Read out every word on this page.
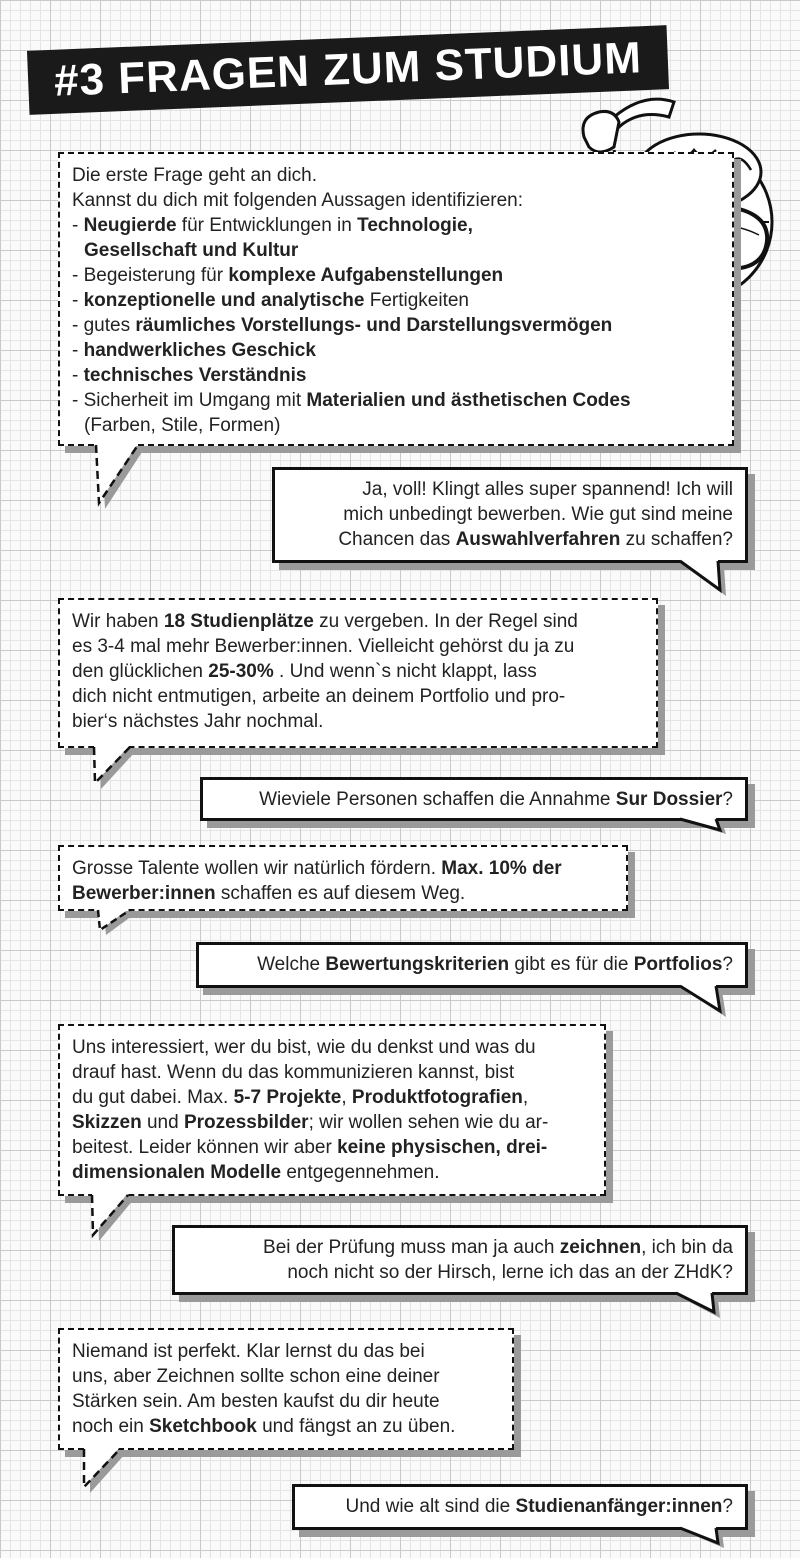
#3 FRAGEN ZUM STUDIUM
Die erste Frage geht an dich.
Kannst du dich mit folgenden Aussagen identifizieren:
- Neugierde für Entwicklungen in Technologie,
Gesellschaft und Kultur
- Begeisterung für komplexe Aufgabenstellungen
- konzeptionelle und analytische Fertigkeiten
- gutes räumliches Vorstellungs- und Darstellungsvermögen
- handwerkliches Geschick
- technisches Verständnis
- Sicherheit im Umgang mit Materialien und ästhetischen Codes
(Farben, Stile, Formen)
Ja, voll! Klingt alles super spannend! Ich will
mich unbedingt bewerben. Wie gut sind meine
Chancen das Auswahlverfahren zu schaffen?
Wir haben 18 Studienplätze zu vergeben. In der Regel sind
es 3-4 mal mehr Bewerber:innen. Vielleicht gehörst du ja zu
den glücklichen 25-30% . Und wenn`s nicht klappt, lass
dich nicht entmutigen, arbeite an deinem Portfolio und pro-
bier‘s nächstes Jahr nochmal.
Wieviele Personen schaffen die Annahme Sur Dossier?
Grosse Talente wollen wir natürlich fördern. Max. 10% der
Bewerber:innen schaffen es auf diesem Weg.
Welche Bewertungskriterien gibt es für die Portfolios?
Uns interessiert, wer du bist, wie du denkst und was du
drauf hast. Wenn du das kommunizieren kannst, bist
du gut dabei. Max. 5-7 Projekte, Produktfotografien,
Skizzen und Prozessbilder; wir wollen sehen wie du ar-
beitest. Leider können wir aber keine physischen, drei-
dimensionalen Modelle entgegennehmen.
Bei der Prüfung muss man ja auch zeichnen, ich bin da
noch nicht so der Hirsch, lerne ich das an der ZHdK?
Niemand ist perfekt. Klar lernst du das bei
uns, aber Zeichnen sollte schon eine deiner
Stärken sein. Am besten kaufst du dir heute
noch ein Sketchbook und fängst an zu üben.
Und wie alt sind die Studienanfänger:innen?
